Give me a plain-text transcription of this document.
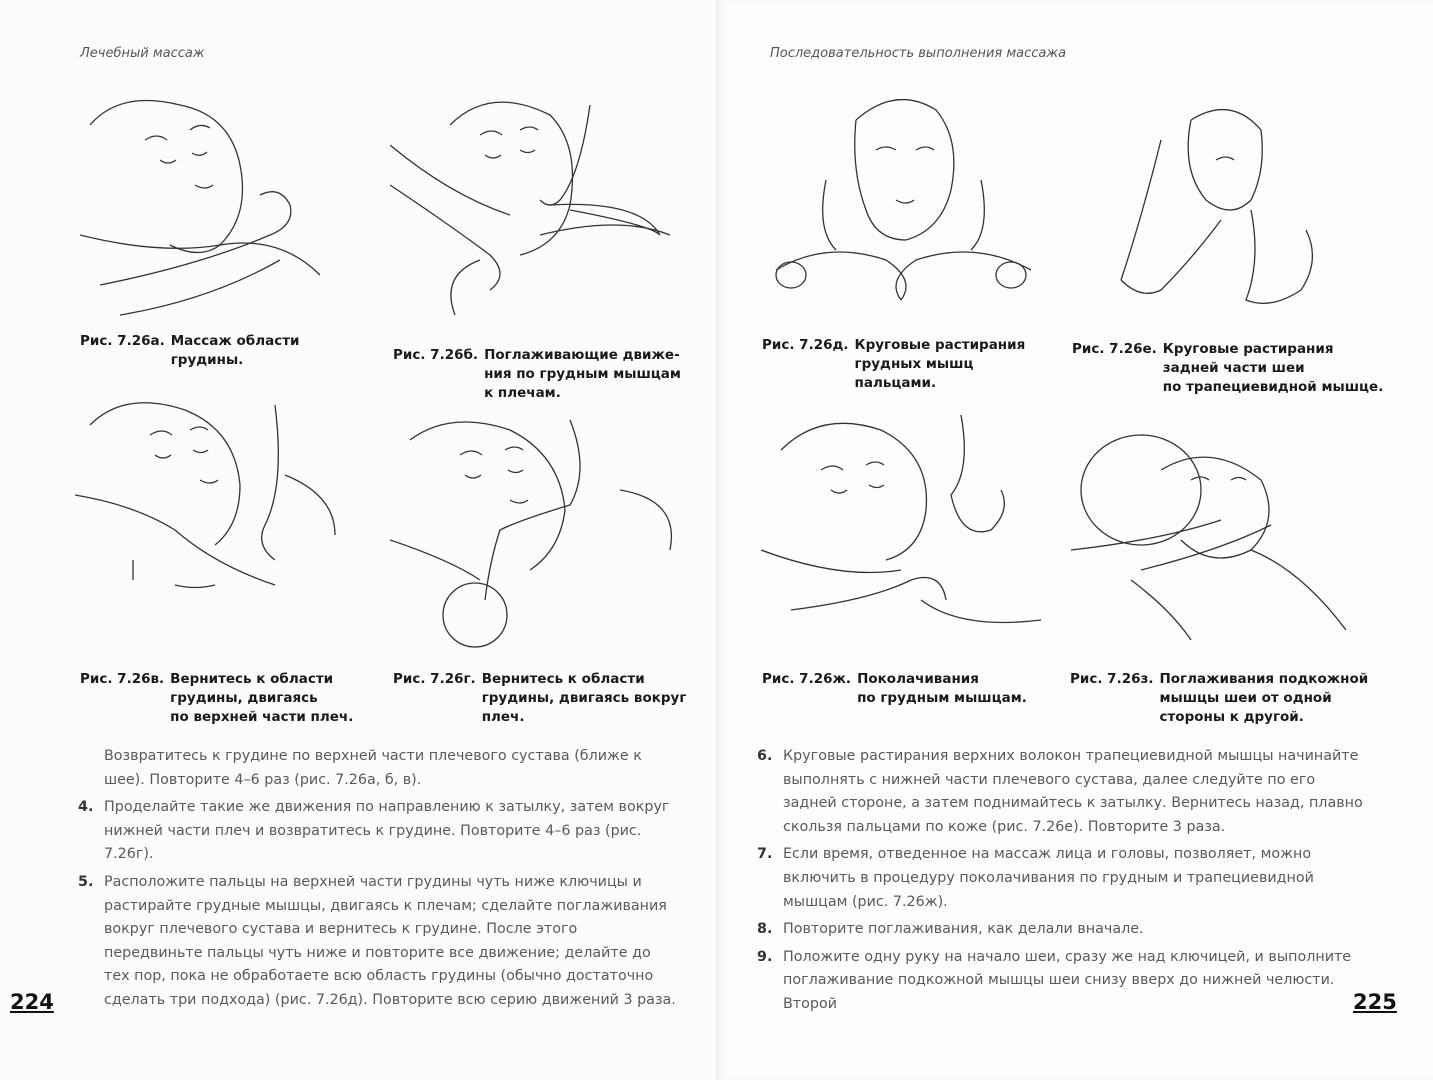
Лечебный массаж
Рис. 7.26а. Массаж области
грудины.	Рис. 7.26б. Поглаживающие движе-
ния по грудным мышцам
к плечам.
Рис. 7.26в. Вернитесь к области
грудины, двигаясь
по верхней части плеч.
Рис. 7.26г. Вернитесь к области
грудины, двигаясь вокруг
плеч.
Возвратитесь к грудине по верхней части плечевого сустава (ближе к шее). Повторите 4–6 раз (рис. 7.26а, б, в).
4. Проделайте такие же движения по направлению к затылку, затем вокруг нижней части плеч и возвратитесь к грудине. Повторите 4–6 раз (рис. 7.26г).
5. Расположите пальцы на верхней части грудины чуть ниже ключицы и растирайте грудные мышцы, двигаясь к плечам; сделайте поглаживания вокруг плечевого сустава и вернитесь к грудине. После этого передвиньте пальцы чуть ниже и повторите все движение; делайте до тех пор, пока не обработаете всю область грудины (обычно достаточно сделать три подхода) (рис. 7.26д). Повторите всю серию движений 3 раза.
224
Последовательность выполнения массажа
Рис. 7.26д. Круговые растирания
грудных мышц
пальцами.
Рис. 7.26е. Круговые растирания
задней части шеи
по трапециевидной мышце.
Рис. 7.26ж. Поколачивания
по грудным мышцам.
Рис. 7.26з. Поглаживания подкожной
мышцы шеи от одной
стороны к другой.
6. Круговые растирания верхних волокон трапециевидной мышцы начинайте выполнять с нижней части плечевого сустава, далее следуйте по его задней стороне, а затем поднимайтесь к затылку. Вернитесь назад, плавно скользя пальцами по коже (рис. 7.26е). Повторите 3 раза.
7. Если время, отведенное на массаж лица и головы, позволяет, можно включить в процедуру поколачивания по грудным и трапециевидной мышцам (рис. 7.26ж).
8. Повторите поглаживания, как делали вначале.
9. Положите одну руку на начало шеи, сразу же над ключицей, и выполните поглаживание подкожной мышцы шеи снизу вверх до нижней челюсти. Второй	225
